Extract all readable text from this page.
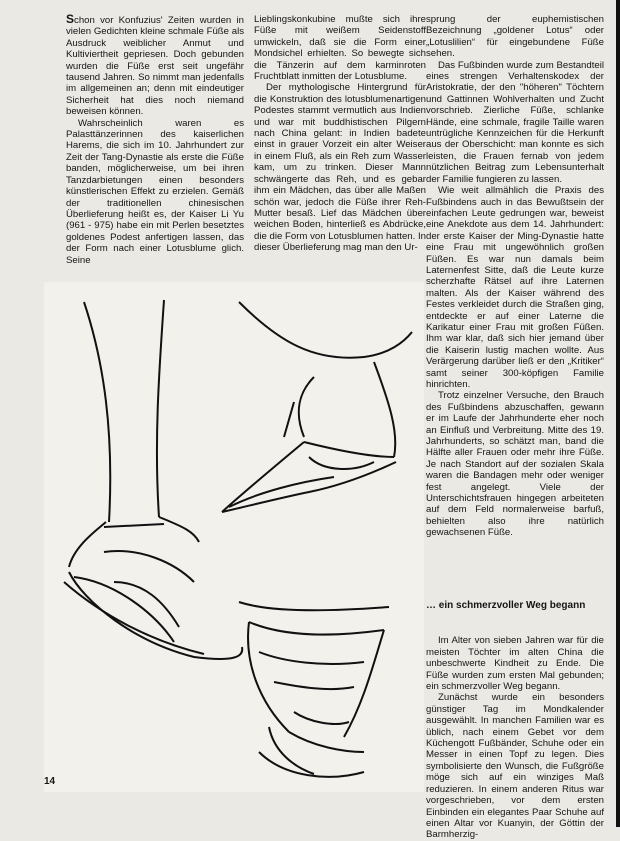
Schon vor Konfuzius' Zeiten wurden in vielen Gedichten kleine schmale Füße als Ausdruck weiblicher Anmut und Kultiviertheit gepriesen. Doch gebunden wurden die Füße erst seit ungefähr tausend Jahren. So nimmt man jedenfalls im allgemeinen an; denn mit eindeutiger Sicherheit hat dies noch niemand beweisen können.

Wahrscheinlich waren es Palasttänzerinnen des kaiserlichen Harems, die sich im 10. Jahrhundert zur Zeit der Tang-Dynastie als erste die Füße banden, möglicherweise, um bei ihren Tanzdarbietungen einen besonders künstlerischen Effekt zu erzielen. Gemäß der traditionellen chinesischen Überlieferung heißt es, der Kaiser Li Yu (961 - 975) habe ein mit Perlen besetztes goldenes Podest anfertigen lassen, das der Form nach einer Lotusblume glich. Seine

Lieblingskonkubine mußte sich ihre Füße mit weißem Seidenstoff umwickeln, daß sie die Form einer Mondsichel erhielten. So bewegte sich die Tänzerin auf dem karminroten Fruchtblatt inmitten der Lotusblume.

Der mythologische Hintergrund für die Konstruktion des lotusblumenartigen Podestes stammt vermutlich aus Indien und war mit buddhistischen Pilgern nach China gelant: in Indien badete einst in grauer Vorzeit ein alter Weiser in einem Fluß, als ein Reh zum Wasser kam, um zu trinken. Dieser Mann schwängerte das Reh, und es gebar ihm ein Mädchen, das über alle Maßen schön war, jedoch die Füße ihrer Reh-Mutter besaß. Lief das Mädchen über weichen Boden, hinterließ es Abdrücke, die die Form von Lotusblumen hatten. In dieser Überlieferung mag man den Ur-

sprung der euphemistischen Bezeichnung „goldener Lotus“ oder „Lotuslilien“ für eingebundene Füße sehen.

Das Fußbinden wurde zum Bestandteil eines strengen Verhaltenskodex der Aristokratie, der den "höheren" Töchtern und Gattinnen Wohlverhalten und Zucht vorschrieb. Zierliche Füße, schlanke Hände, eine schmale, fragile Taille waren untrügliche Kennzeichen für die Herkunft aus der Oberschicht: man konnte es sich leisten, die Frauen fernab von jedem nützlichen Beitrag zum Lebensunterhalt der Familie fungieren zu lassen.

Wie weit allmählich die Praxis des Fußbindens auch in das Bewußtsein der einfachen Leute gedrungen war, beweist eine Anekdote aus dem 14. Jahrhundert: der erste Kaiser der Ming-Dynastie hatte eine Frau mit ungewöhnlich großen Füßen. Es war nun damals beim Laternenfest Sitte, daß die Leute kurze scherzhafte Rätsel auf ihre Laternen malten. Als der Kaiser während des Festes verkleidet durch die Straßen ging, entdeckte er auf einer Laterne die Karikatur einer Frau mit großen Füßen. Ihm war klar, daß sich hier jemand über die Kaiserin lustig machen wollte. Aus Verärgerung darüber ließ er den „Kritiker“ samt seiner 300-köpfigen Familie hinrichten.

Trotz einzelner Versuche, den Brauch des Fußbindens abzuschaffen, gewann er im Laufe der Jahrhunderte eher noch an Einfluß und Verbreitung. Mitte des 19. Jahrhunderts, so schätzt man, band die Hälfte aller Frauen oder mehr ihre Füße. Je nach Standort auf der sozialen Skala waren die Bandagen mehr oder weniger fest angelegt. Viele der Unterschichtsfrauen hingegen arbeiteten auf dem Feld normalerweise barfuß, behielten also ihre natürlich gewachsenen Füße.

… ein schmerzvoller Weg begann

Im Alter von sieben Jahren war für die meisten Töchter im alten China die unbeschwerte Kindheit zu Ende. Die Füße wurden zum ersten Mal gebunden; ein schmerzvoller Weg begann.

Zunächst wurde ein besonders günstiger Tag im Mondkalender ausgewählt. In manchen Familien war es üblich, nach einem Gebet vor dem Küchengott Fußbänder, Schuhe oder ein Messer in einen Topf zu legen. Dies symbolisierte den Wunsch, die Fußgröße möge sich auf ein winziges Maß reduzieren. In einem anderen Ritus war vorgeschrieben, vor dem ersten Einbinden ein elegantes Paar Schuhe auf einen Altar vor Kuanyin, der Göttin der Barmherzig-

14
